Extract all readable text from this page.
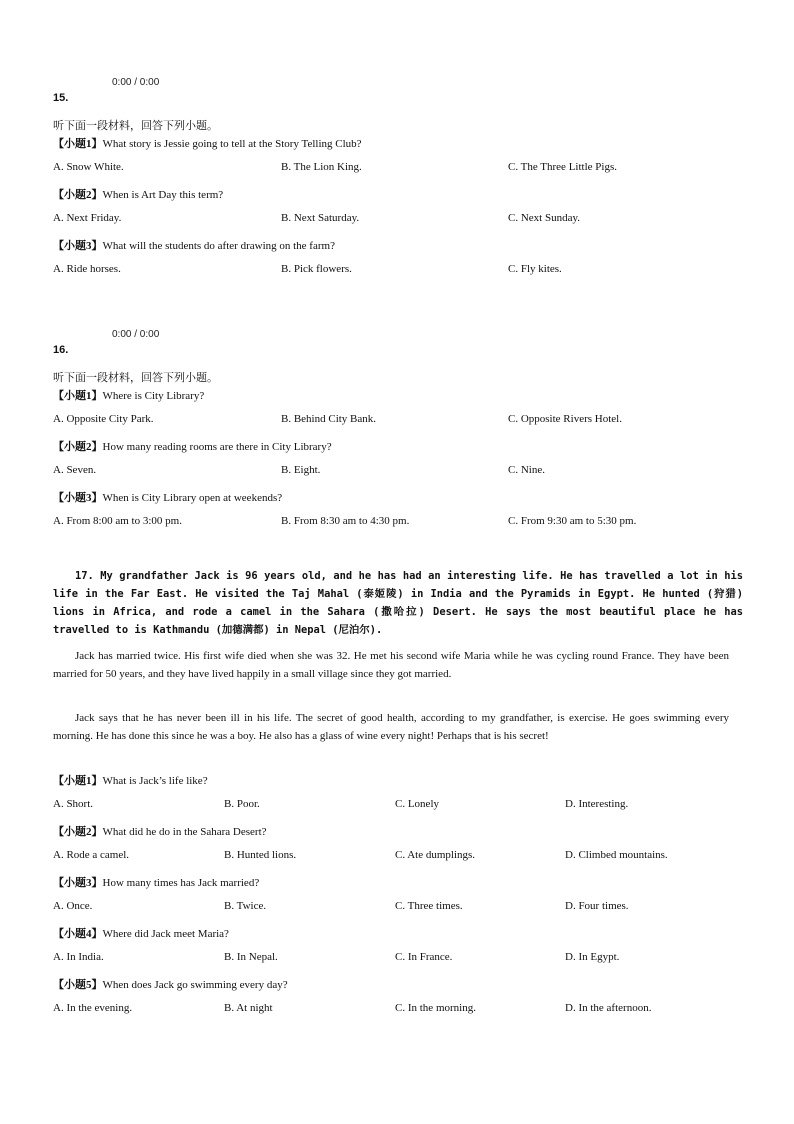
0:00 / 0:00
15.
听下面一段材料，回答下列小题。
【小题1】What story is Jessie going to tell at the Story Telling Club?
A. Snow White.	B. The Lion King.	C. The Three Little Pigs.
【小题2】When is Art Day this term?
A. Next Friday.	B. Next Saturday.	C. Next Sunday.
【小题3】What will the students do after drawing on the farm?
A. Ride horses.	B. Pick flowers.	C. Fly kites.
0:00 / 0:00
16.
听下面一段材料，回答下列小题。
【小题1】Where is City Library?
A. Opposite City Park.	B. Behind City Bank.	C. Opposite Rivers Hotel.
【小题2】How many reading rooms are there in City Library?
A. Seven.	B. Eight.	C. Nine.
【小题3】When is City Library open at weekends?
A. From 8:00 am to 3:00 pm.	B. From 8:30 am to 4:30 pm.	C. From 9:30 am to 5:30 pm.
17. My grandfather Jack is 96 years old, and he has had an interesting life. He has travelled a lot in his life in the Far East. He visited the Taj Mahal (泰姬陵) in India and the Pyramids in Egypt. He hunted (狩猎) lions in Africa, and rode a camel in the Sahara (撒哈拉) Desert. He says the most beautiful place he has travelled to is Kathmandu (加德满都) in Nepal (尼泊尔).
Jack has married twice. His first wife died when she was 32. He met his second wife Maria while he was cycling round France. They have been married for 50 years, and they have lived happily in a small village since they got married.
Jack says that he has never been ill in his life. The secret of good health, according to my grandfather, is exercise. He goes swimming every morning. He has done this since he was a boy. He also has a glass of wine every night! Perhaps that is his secret!
【小题1】What is Jack’s life like?
A. Short.	B. Poor.	C. Lonely	D. Interesting.
【小题2】What did he do in the Sahara Desert?
A. Rode a camel.	B. Hunted lions.	C. Ate dumplings.	D. Climbed mountains.
【小题3】How many times has Jack married?
A. Once.	B. Twice.	C. Three times.	D. Four times.
【小题4】Where did Jack meet Maria?
A. In India.	B. In Nepal.	C. In France.	D. In Egypt.
【小题5】When does Jack go swimming every day?
A. In the evening.	B. At night	C. In the morning.	D. In the afternoon.
